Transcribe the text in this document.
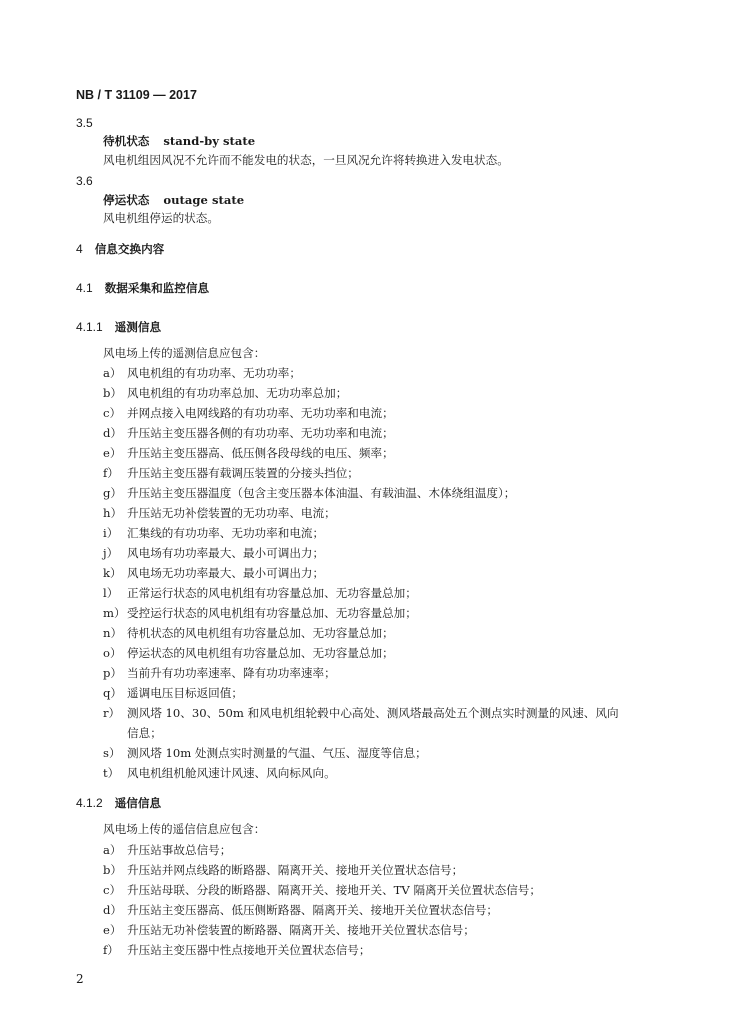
NB / T 31109 — 2017
3.5
待机状态 stand-by state
风电机组因风况不允许而不能发电的状态，一旦风况允许将转换进入发电状态。
3.6
停运状态 outage state
风电机组停运的状态。
4 信息交换内容
4.1 数据采集和监控信息
4.1.1 遥测信息
风电场上传的遥测信息应包含：
a） 风电机组的有功功率、无功功率；
b） 风电机组的有功功率总加、无功功率总加；
c） 并网点接入电网线路的有功功率、无功功率和电流；
d） 升压站主变压器各侧的有功功率、无功功率和电流；
e） 升压站主变压器高、低压侧各段母线的电压、频率；
f） 升压站主变压器有载调压装置的分接头挡位；
g） 升压站主变压器温度（包含主变压器本体油温、有载油温、木体绕组温度）；
h） 升压站无功补偿装置的无功功率、电流；
i） 汇集线的有功功率、无功功率和电流；
j） 风电场有功功率最大、最小可调出力；
k） 风电场无功功率最大、最小可调出力；
l） 正常运行状态的风电机组有功容量总加、无功容量总加；
m）受控运行状态的风电机组有功容量总加、无功容量总加；
n） 待机状态的风电机组有功容量总加、无功容量总加；
o） 停运状态的风电机组有功容量总加、无功容量总加；
p） 当前升有功功率速率、降有功功率速率；
q） 遥调电压目标返回值；
r） 测风塔 10、30、50m 和风电机组轮毂中心高处、测风塔最高处五个测点实时测量的风速、风向
信息；
s） 测风塔 10m 处测点实时测量的气温、气压、湿度等信息；
t） 风电机组机舱风速计风速、风向标风向。
4.1.2 遥信信息
风电场上传的遥信信息应包含：
a） 升压站事故总信号；
b） 升压站并网点线路的断路器、隔离开关、接地开关位置状态信号；
c） 升压站母联、分段的断路器、隔离开关、接地开关、TV 隔离开关位置状态信号；
d） 升压站主变压器高、低压侧断路器、隔离开关、接地开关位置状态信号；
e） 升压站无功补偿装置的断路器、隔离开关、接地开关位置状态信号；
f） 升压站主变压器中性点接地开关位置状态信号；
2
